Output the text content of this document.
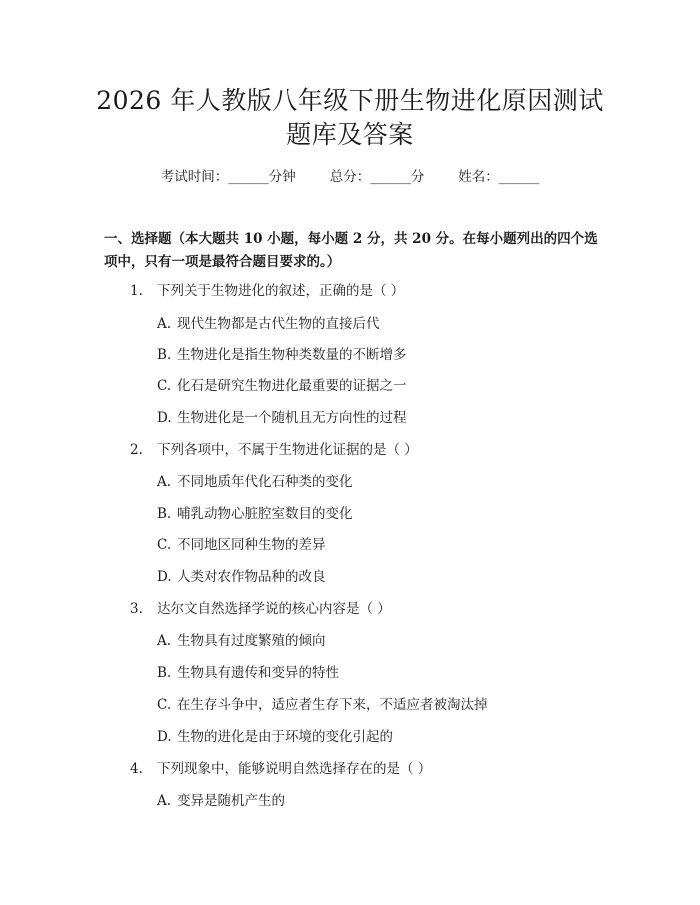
2026 年人教版八年级下册生物进化原因测试
题库及答案
考试时间：______分钟	总分：______分	姓名：______
一、选择题（本大题共 10 小题，每小题 2 分，共 20 分。在每小题列出的四个选项中，只有一项是最符合题目要求的。）
1. 下列关于生物进化的叙述，正确的是（ ）
A. 现代生物都是古代生物的直接后代
B. 生物进化是指生物种类数量的不断增多
C. 化石是研究生物进化最重要的证据之一
D. 生物进化是一个随机且无方向性的过程
2. 下列各项中，不属于生物进化证据的是（ ）
A. 不同地质年代化石种类的变化
B. 哺乳动物心脏腔室数目的变化
C. 不同地区同种生物的差异
D. 人类对农作物品种的改良
3. 达尔文自然选择学说的核心内容是（ ）
A. 生物具有过度繁殖的倾向
B. 生物具有遗传和变异的特性
C. 在生存斗争中，适应者生存下来，不适应者被淘汰掉
D. 生物的进化是由于环境的变化引起的
4. 下列现象中，能够说明自然选择存在的是（ ）
A. 变异是随机产生的
